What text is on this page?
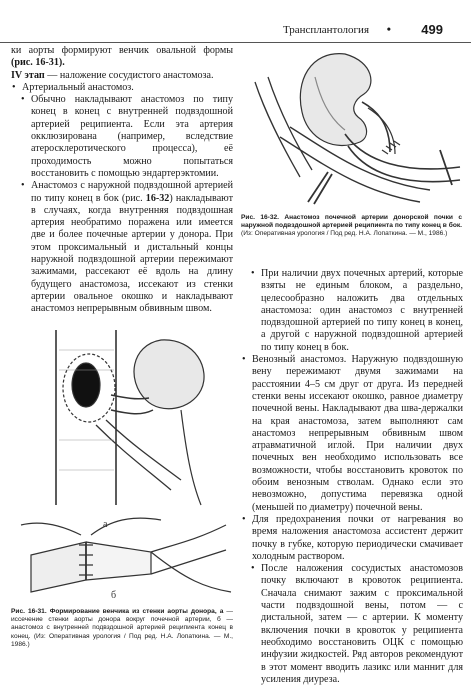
Трансплантология • 499

ки аорты формируют венчик овальной формы (рис. 16-31).

IV этап — наложение сосудистого анастомоза.

• Артериальный анастомоз.

• Обычно накладывают анастомоз по типу конец в конец с внутренней подвздошной артерией реципиента. Если эта артерия окклюзирована (например, вследствие атеросклеротического процесса), её проходимость можно попытаться восстановить с помощью эндартерэктомии.

• Анастомоз с наружной подвздошной артерией по типу конец в бок (рис. 16-32) накладывают в случаях, когда внутренняя подвздошная артерия необратимо поражена или имеется две и более почечные артерии у донора. При этом проксимальный и дистальный концы наружной подвздошной артерии пережимают зажимами, рассекают её вдоль на длину будущего анастомоза, иссекают из стенки артерии овальное окошко и накладывают анастомоз непрерывным обвивным швом.

Рис. 16-32. Анастомоз почечной артерии донорской почки с наружной подвздошной артерией реципиента по типу конец в бок. (Из: Оперативная урология / Под ред. Н.А. Лопаткина. — М., 1986.)

• При наличии двух почечных артерий, которые взяты не единым блоком, а раздельно, целесообразно наложить два отдельных анастомоза: один анастомоз с внутренней подвздошной артерией по типу конец в конец, а другой с наружной подвздошной артерией по типу конец в бок.

• Венозный анастомоз. Наружную подвздошную вену пережимают двумя зажимами на расстоянии 4–5 см друг от друга. Из передней стенки вены иссекают окошко, равное диаметру почечной вены. Накладывают два шва-держалки на края анастомоза, затем выполняют сам анастомоз непрерывным обвивным швом атравматичной иглой. При наличии двух почечных вен необходимо использовать все возможности, чтобы восстановить кровоток по обоим венозным стволам. Однако если это невозможно, допустима перевязка одной (меньшей по диаметру) почечной вены.

• Для предохранения почки от нагревания во время наложения анастомоза ассистент держит почку в губке, которую периодически смачивает холодным раствором.

• После наложения сосудистых анастомозов почку включают в кровоток реципиента. Сначала снимают зажим с проксимальной части подвздошной вены, потом — с дистальной, затем — с артерии. К моменту включения почки в кровоток у реципиента необходимо восстановить ОЦК с помощью инфузии жидкостей. Ряд авторов рекомендуют в этот момент вводить лазикс или маннит для усиления диуреза.

а
б
Рис. 16-31. Формирование венчика из стенки аорты донора, а — иссечение стенки аорты донора вокруг почечной артерии, б — анастомоз с внутренней подвздошной артерией реципиента конец в конец. (Из: Оперативная урология / Под ред. Н.А. Лопаткина. — М., 1986.)
